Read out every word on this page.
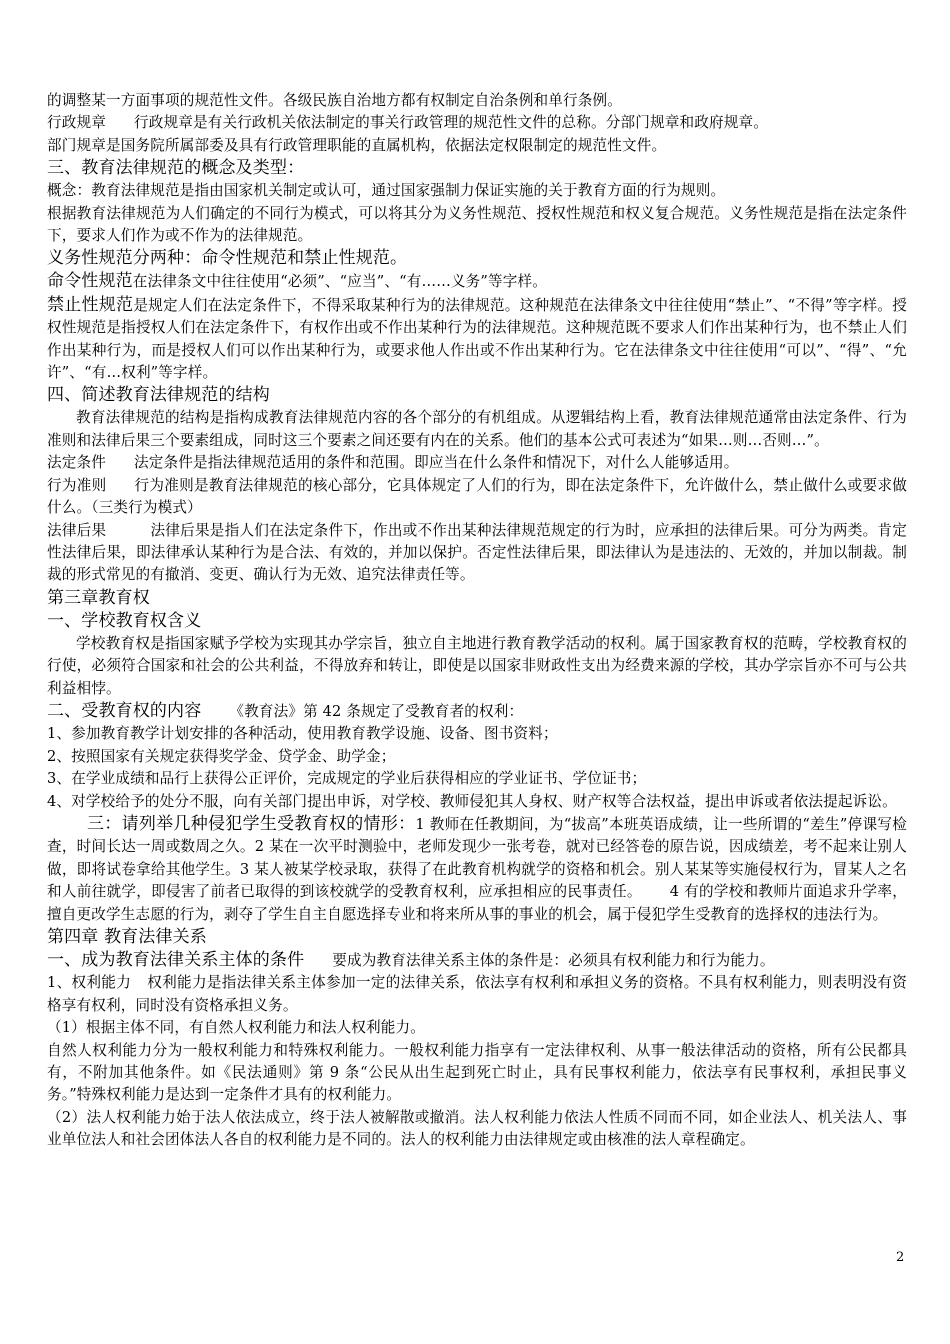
的调整某一方面事项的规范性文件。各级民族自治地方都有权制定自治条例和单行条例。

行政规章 行政规章是有关行政机关依法制定的事关行政管理的规范性文件的总称。分部门规章和政府规章。

部门规章是国务院所属部委及具有行政管理职能的直属机构，依据法定权限制定的规范性文件。

三、教育法律规范的概念及类型：

概念：教育法律规范是指由国家机关制定或认可，通过国家强制力保证实施的关于教育方面的行为规则。

根据教育法律规范为人们确定的不同行为模式，可以将其分为义务性规范、授权性规范和权义复合规范。义务性规范是指在法定条件下，要求人们作为或不作为的法律规范。

义务性规范分两种：命令性规范和禁止性规范。

命令性规范在法律条文中往往使用“必须”、“应当”、“有……义务”等字样。

禁止性规范是规定人们在法定条件下，不得采取某种行为的法律规范。这种规范在法律条文中往往使用“禁止”、“不得”等字样。授权性规范是指授权人们在法定条件下，有权作出或不作出某种行为的法律规范。这种规范既不要求人们作出某种行为，也不禁止人们作出某种行为，而是授权人们可以作出某种行为，或要求他人作出或不作出某种行为。它在法律条文中往往使用“可以”、“得”、“允许”、“有…权利”等字样。

四、简述教育法律规范的结构

教育法律规范的结构是指构成教育法律规范内容的各个部分的有机组成。从逻辑结构上看，教育法律规范通常由法定条件、行为准则和法律后果三个要素组成，同时这三个要素之间还要有内在的关系。他们的基本公式可表述为“如果…则…否则…”。

法定条件 法定条件是指法律规范适用的条件和范围。即应当在什么条件和情况下，对什么人能够适用。

行为准则 行为准则是教育法律规范的核心部分，它具体规定了人们的行为，即在法定条件下，允许做什么，禁止做什么或要求做什么。（三类行为模式）

法律后果	法律后果是指人们在法定条件下，作出或不作出某种法律规范规定的行为时，应承担的法律后果。可分为两类。肯定性法律后果，即法律承认某种行为是合法、有效的，并加以保护。否定性法律后果，即法律认为是违法的、无效的，并加以制裁。制裁的形式常见的有撤消、变更、确认行为无效、追究法律责任等。

第三章教育权

一、学校教育权含义

学校教育权是指国家赋予学校为实现其办学宗旨，独立自主地进行教育教学活动的权利。属于国家教育权的范畴，学校教育权的行使，必须符合国家和社会的公共利益，不得放弃和转让，即使是以国家非财政性支出为经费来源的学校，其办学宗旨亦不可与公共利益相悖。

二、受教育权的内容 《教育法》第 42 条规定了受教育者的权利：

1、参加教育教学计划安排的各种活动，使用教育教学设施、设备、图书资料；

2、按照国家有关规定获得奖学金、贷学金、助学金；

3、在学业成绩和品行上获得公正评价，完成规定的学业后获得相应的学业证书、学位证书；

4、对学校给予的处分不服，向有关部门提出申诉，对学校、教师侵犯其人身权、财产权等合法权益，提出申诉或者依法提起诉讼。

三：请列举几种侵犯学生受教育权的情形：1 教师在任教期间，为“拔高”本班英语成绩，让一些所谓的“差生”停课写检查，时间长达一周或数周之久。2 某在一次平时测验中，老师发现少一张考卷，就对已经答卷的原告说，因成绩差，考不起来让别人做，即将试卷拿给其他学生。3 某人被某学校录取，获得了在此教育机构就学的资格和机会。别人某某等实施侵权行为，冒某人之名和人前往就学，即侵害了前者已取得的到该校就学的受教育权利，应承担相应的民事责任。 4 有的学校和教师片面追求升学率，擅自更改学生志愿的行为，剥夺了学生自主自愿选择专业和将来所从事的事业的机会，属于侵犯学生受教育的选择权的违法行为。

第四章 教育法律关系

一、成为教育法律关系主体的条件 要成为教育法律关系主体的条件是：必须具有权利能力和行为能力。

1、权利能力 权利能力是指法律关系主体参加一定的法律关系，依法享有权利和承担义务的资格。不具有权利能力，则表明没有资格享有权利，同时没有资格承担义务。

（1）根据主体不同，有自然人权利能力和法人权利能力。

自然人权利能力分为一般权利能力和特殊权利能力。一般权利能力指享有一定法律权利、从事一般法律活动的资格，所有公民都具有，不附加其他条件。如《民法通则》第 9 条“公民从出生起到死亡时止，具有民事权利能力，依法享有民事权利，承担民事义务。”特殊权利能力是达到一定条件才具有的权利能力。

（2）法人权利能力始于法人依法成立，终于法人被解散或撤消。法人权利能力依法人性质不同而不同，如企业法人、机关法人、事业单位法人和社会团体法人各自的权利能力是不同的。法人的权利能力由法律规定或由核准的法人章程确定。

2
